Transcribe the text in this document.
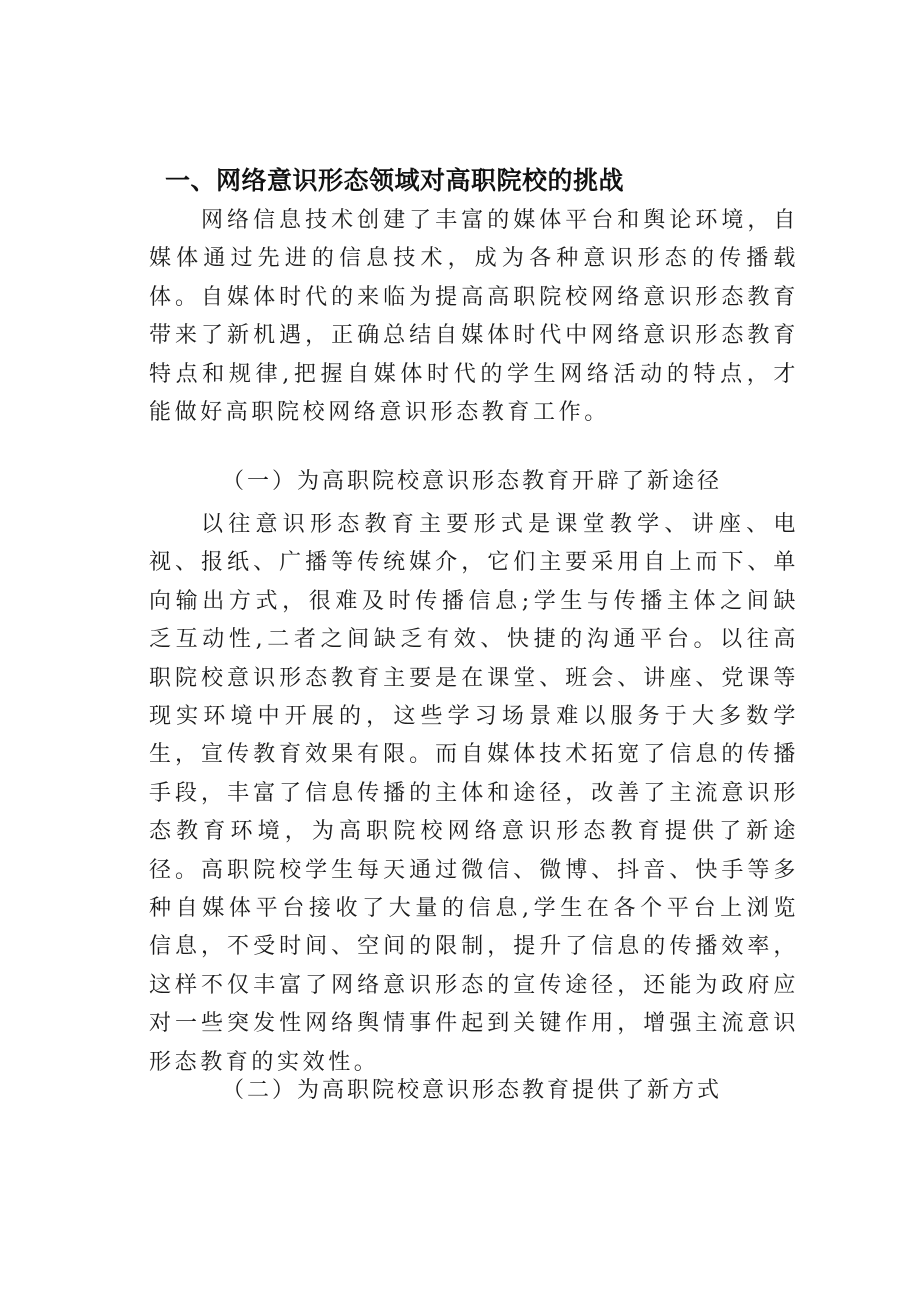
一、网络意识形态领域对高职院校的挑战

网络信息技术创建了丰富的媒体平台和舆论环境，自媒体通过先进的信息技术，成为各种意识形态的传播载体。自媒体时代的来临为提高高职院校网络意识形态教育带来了新机遇，正确总结自媒体时代中网络意识形态教育特点和规律,把握自媒体时代的学生网络活动的特点，才能做好高职院校网络意识形态教育工作。

（一）为高职院校意识形态教育开辟了新途径

以往意识形态教育主要形式是课堂教学、讲座、电视、报纸、广播等传统媒介，它们主要采用自上而下、单向输出方式，很难及时传播信息;学生与传播主体之间缺乏互动性,二者之间缺乏有效、快捷的沟通平台。以往高职院校意识形态教育主要是在课堂、班会、讲座、党课等现实环境中开展的，这些学习场景难以服务于大多数学生，宣传教育效果有限。而自媒体技术拓宽了信息的传播手段，丰富了信息传播的主体和途径，改善了主流意识形态教育环境，为高职院校网络意识形态教育提供了新途径。高职院校学生每天通过微信、微博、抖音、快手等多种自媒体平台接收了大量的信息,学生在各个平台上浏览信息，不受时间、空间的限制，提升了信息的传播效率，这样不仅丰富了网络意识形态的宣传途径，还能为政府应对一些突发性网络舆情事件起到关键作用，增强主流意识形态教育的实效性。

（二）为高职院校意识形态教育提供了新方式
